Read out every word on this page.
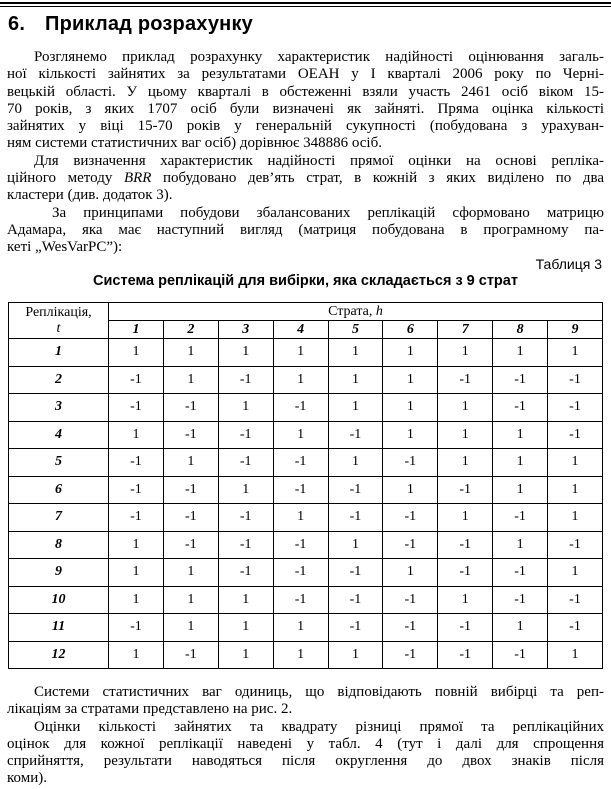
6. Приклад розрахунку
Розглянемо приклад розрахунку характеристик надійності оцінювання загаль-
ної кількості зайнятих за результатами ОЕАН у І кварталі 2006 року по Черні-
вецькій області. У цьому кварталі в обстеженні взяли участь 2461 осіб віком 15-
70 років, з яких 1707 осіб були визначені як зайняті. Пряма оцінка кількості
зайнятих у віці 15-70 років у генеральній сукупності (побудована з урахуван-
ням системи статистичних ваг осіб) дорівнює 348886 осіб.
Для визначення характеристик надійності прямої оцінки на основі репліка-
ційного методу BRR побудовано дев’ять страт, в кожній з яких виділено по два
кластери (див. додаток 3).
За принципами побудови збалансованих реплікацій сформовано матрицю
Адамара, яка має наступний вигляд (матриця побудована в програмному па-
кеті „WesVarPC”):
Таблиця 3
Система реплікацій для вибірки, яка складається з 9 страт
Реплікація,
t	Страта, h								
	1	2	3	4	5	6	7	8	9
1	1	1	1	1	1	1	1	1	1
2	-1	1	-1	1	1	1	-1	-1	-1
3	-1	-1	1	-1	1	1	1	-1	-1
4	1	-1	-1	1	-1	1	1	1	-1
5	-1	1	-1	-1	1	-1	1	1	1
6	-1	-1	1	-1	-1	1	-1	1	1
7	-1	-1	-1	1	-1	-1	1	-1	1
8	1	-1	-1	-1	1	-1	-1	1	-1
9	1	1	-1	-1	-1	1	-1	-1	1
10	1	1	1	-1	-1	-1	1	-1	-1
11	-1	1	1	1	-1	-1	-1	1	-1
12	1	-1	1	1	1	-1	-1	-1	1
Системи статистичних ваг одиниць, що відповідають повній вибірці та реп-
лікаціям за стратами представлено на рис. 2.
Оцінки кількості зайнятих та квадрату різниці прямої та реплікаційних
оцінок для кожної реплікації наведені у табл. 4 (тут і далі для спрощення
сприйняття, результати наводяться після округлення до двох знаків після
коми).
